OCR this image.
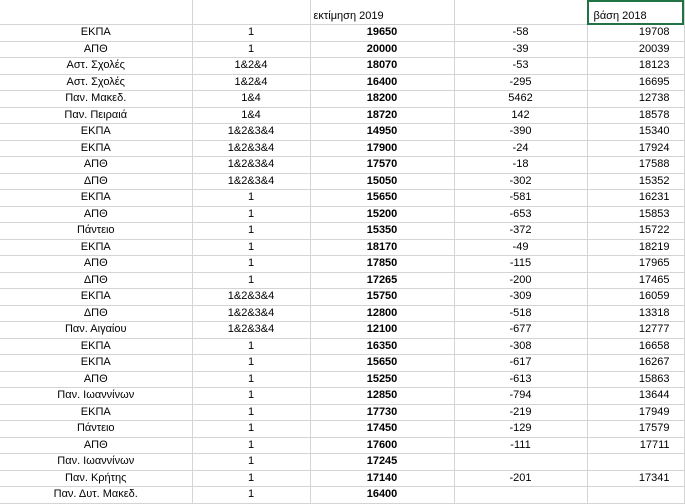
		εκτίμηση 2019		βάση 2018
ΕΚΠΑ	1	19650	-58	19708
ΑΠΘ	1	20000	-39	20039
Αστ. Σχολές	1&2&4	18070	-53	18123
Αστ. Σχολές	1&2&4	16400	-295	16695
Παν. Μακεδ.	1&4	18200	5462	12738
Παν. Πειραιά	1&4	18720	142	18578
ΕΚΠΑ	1&2&3&4	14950	-390	15340
ΕΚΠΑ	1&2&3&4	17900	-24	17924
ΑΠΘ	1&2&3&4	17570	-18	17588
ΔΠΘ	1&2&3&4	15050	-302	15352
ΕΚΠΑ	1	15650	-581	16231
ΑΠΘ	1	15200	-653	15853
Πάντειο	1	15350	-372	15722
ΕΚΠΑ	1	18170	-49	18219
ΑΠΘ	1	17850	-115	17965
ΔΠΘ	1	17265	-200	17465
ΕΚΠΑ	1&2&3&4	15750	-309	16059
ΔΠΘ	1&2&3&4	12800	-518	13318
Παν. Αιγαίου	1&2&3&4	12100	-677	12777
ΕΚΠΑ	1	16350	-308	16658
ΕΚΠΑ	1	15650	-617	16267
ΑΠΘ	1	15250	-613	15863
Παν. Ιωαννίνων	1	12850	-794	13644
ΕΚΠΑ	1	17730	-219	17949
Πάντειο	1	17450	-129	17579
ΑΠΘ	1	17600	-111	17711
Παν. Ιωαννίνων	1	17245		
Παν. Κρήτης	1	17140	-201	17341
Παν. Δυτ. Μακεδ.	1	16400		
